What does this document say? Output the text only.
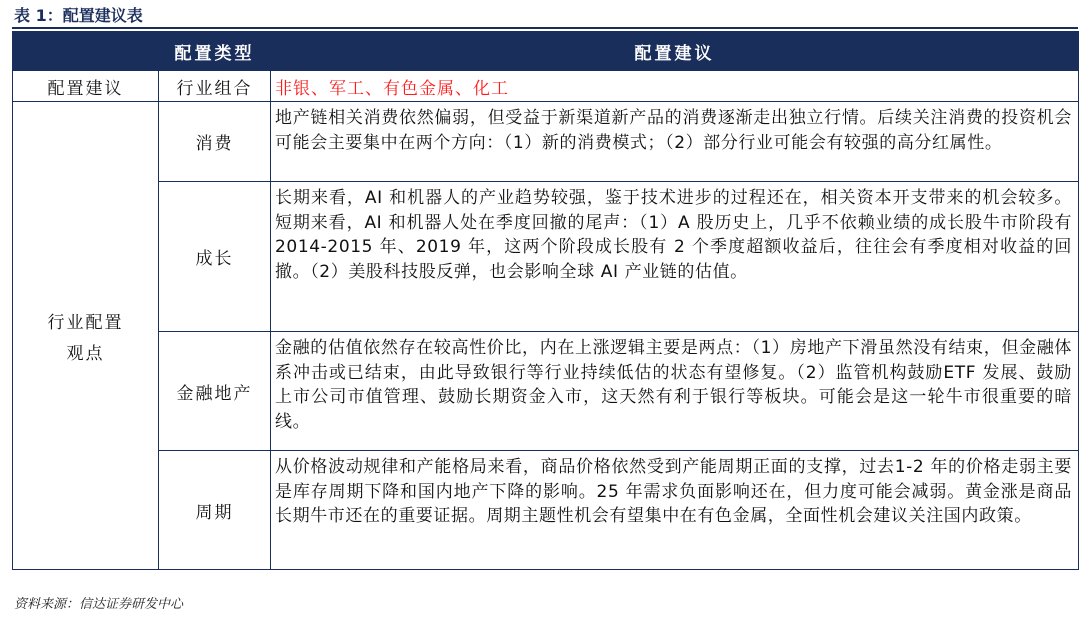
表 1：配置建议表
	配置类型	配置建议
配置建议	行业组合	非银、军工、有色金属、化工

行业配置
观点	消费	地产链相关消费依然偏弱，但受益于新渠道新产品的消费逐渐走出独立行情。后续关注消费的投资机会可能会主要集中在两个方向：（1）新的消费模式；（2）部分行业可能会有较强的高分红属性。
	成长	长期来看，AI 和机器人的产业趋势较强，鉴于技术进步的过程还在，相关资本开支带来的机会较多。短期来看，AI 和机器人处在季度回撤的尾声：（1）A 股历史上，几乎不依赖业绩的成长股牛市阶段有 2014-2015 年、2019 年，这两个阶段成长股有 2 个季度超额收益后，往往会有季度相对收益的回撤。（2）美股科技股反弹，也会影响全球 AI 产业链的估值。
	金融地产	金融的估值依然存在较高性价比，内在上涨逻辑主要是两点：（1）房地产下滑虽然没有结束，但金融体系冲击或已结束，由此导致银行等行业持续低估的状态有望修复。（2）监管机构鼓励ETF 发展、鼓励上市公司市值管理、鼓励长期资金入市，这天然有利于银行等板块。可能会是这一轮牛市很重要的暗线。
	周期	从价格波动规律和产能格局来看，商品价格依然受到产能周期正面的支撑，过去1-2 年的价格走弱主要是库存周期下降和国内地产下降的影响。25 年需求负面影响还在，但力度可能会减弱。黄金涨是商品长期牛市还在的重要证据。周期主题性机会有望集中在有色金属，全面性机会建议关注国内政策。
资料来源：信达证券研发中心
